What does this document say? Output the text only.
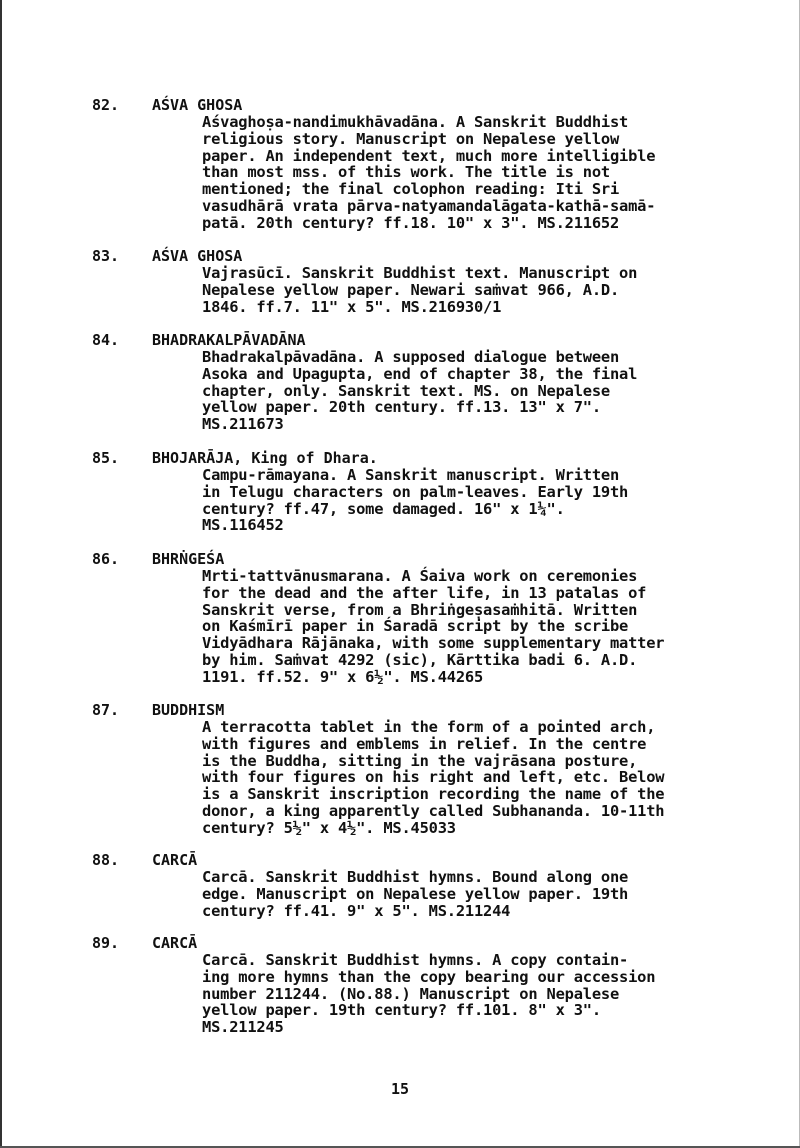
82. AŚVA GHOSA
Aśvaghoṣa-nandimukhāvadāna. A Sanskrit Buddhist
religious story. Manuscript on Nepalese yellow
paper. An independent text, much more intelligible
than most mss. of this work. The title is not
mentioned; the final colophon reading: Iti Sri
vasudhārā vrata pārva-natyamandalāgata-kathā-samā-
patā. 20th century? ff.18. 10" x 3". MS.211652
83. AŚVA GHOSA
Vajrasūcī. Sanskrit Buddhist text. Manuscript on
Nepalese yellow paper. Newari saṁvat 966, A.D.
1846. ff.7. 11" x 5". MS.216930/1
84. BHADRAKALPĀVADĀNA
Bhadrakalpāvadāna. A supposed dialogue between
Asoka and Upagupta, end of chapter 38, the final
chapter, only. Sanskrit text. MS. on Nepalese
yellow paper. 20th century. ff.13. 13" x 7".
MS.211673
85. BHOJARĀJA, King of Dhara.
Campu-rāmayana. A Sanskrit manuscript. Written
in Telugu characters on palm-leaves. Early 19th
century? ff.47, some damaged. 16" x 1¼".
MS.116452
86. BHRṄGEŚA
Mrti-tattvānusmarana. A Śaiva work on ceremonies
for the dead and the after life, in 13 patalas of
Sanskrit verse, from a Bhriṅgeṣasaṁhitā. Written
on Kaśmīrī paper in Śaradā script by the scribe
Vidyādhara Rājānaka, with some supplementary matter
by him. Saṁvat 4292 (sic), Kārttika badi 6. A.D.
1191. ff.52. 9" x 6½". MS.44265
87. BUDDHISM
A terracotta tablet in the form of a pointed arch,
with figures and emblems in relief. In the centre
is the Buddha, sitting in the vajrāsana posture,
with four figures on his right and left, etc. Below
is a Sanskrit inscription recording the name of the
donor, a king apparently called Subhananda. 10-11th
century? 5½" x 4½". MS.45033
88. CARCĀ
Carcā. Sanskrit Buddhist hymns. Bound along one
edge. Manuscript on Nepalese yellow paper. 19th
century? ff.41. 9" x 5". MS.211244
89. CARCĀ
Carcā. Sanskrit Buddhist hymns. A copy contain-
ing more hymns than the copy bearing our accession
number 211244. (No.88.) Manuscript on Nepalese
yellow paper. 19th century? ff.101. 8" x 3".
MS.211245
15
